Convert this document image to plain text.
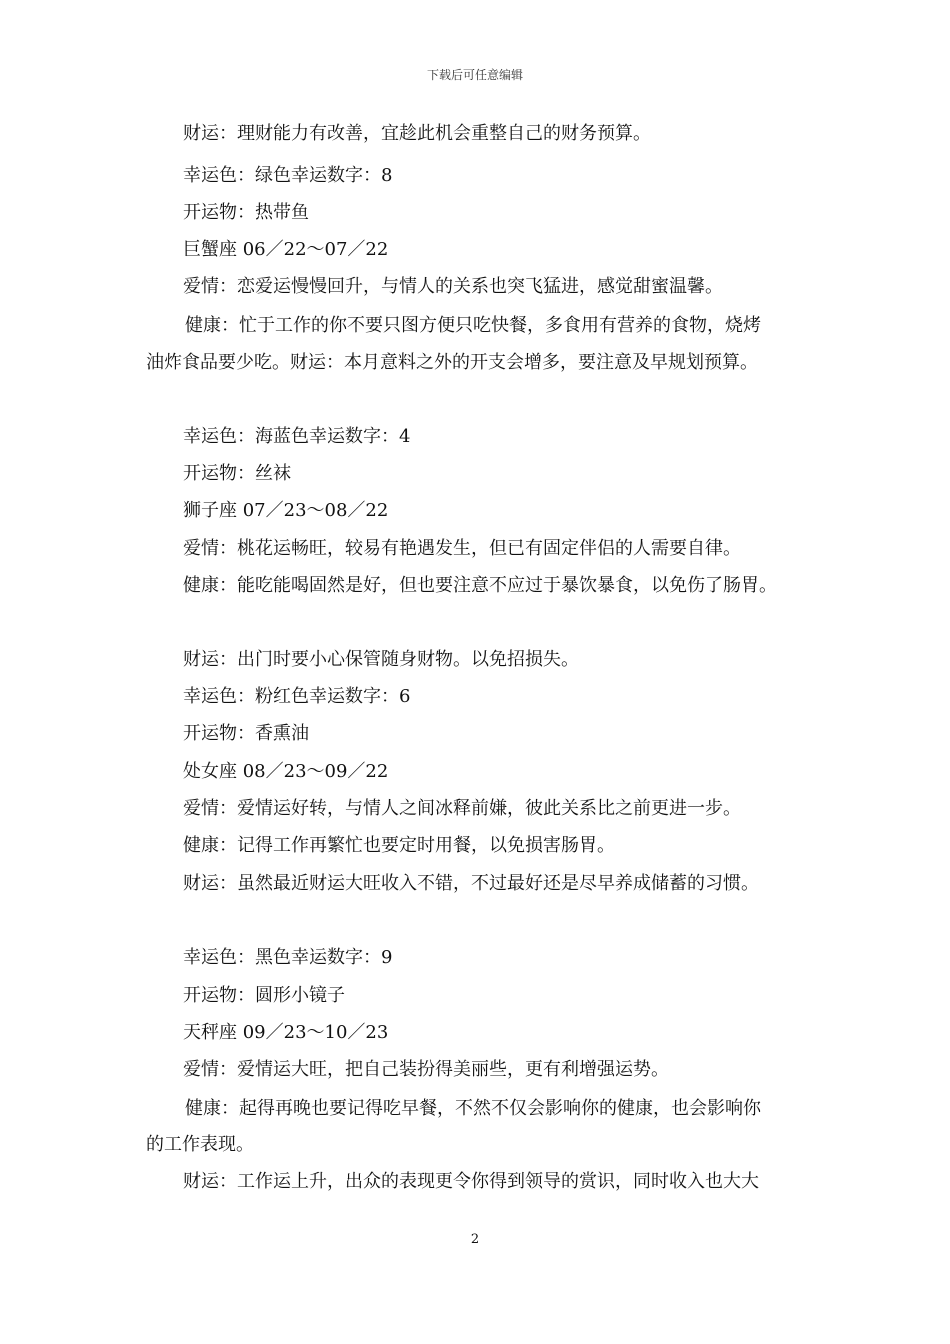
下载后可任意编辑
财运：理财能力有改善，宜趁此机会重整自己的财务预算。
幸运色：绿色幸运数字：8
开运物：热带鱼
巨蟹座 06／22～07／22
爱情：恋爱运慢慢回升，与情人的关系也突飞猛进，感觉甜蜜温馨。
健康：忙于工作的你不要只图方便只吃快餐，多食用有营养的食物，烧烤
油炸食品要少吃。财运：本月意料之外的开支会增多，要注意及早规划预算。
幸运色：海蓝色幸运数字：4
开运物：丝袜
狮子座 07／23～08／22
爱情：桃花运畅旺，较易有艳遇发生，但已有固定伴侣的人需要自律。
健康：能吃能喝固然是好，但也要注意不应过于暴饮暴食，以免伤了肠胃。
财运：出门时要小心保管随身财物。以免招损失。
幸运色：粉红色幸运数字：6
开运物：香熏油
处女座 08／23～09／22
爱情：爱情运好转，与情人之间冰释前嫌，彼此关系比之前更进一步。
健康：记得工作再繁忙也要定时用餐，以免损害肠胃。
财运：虽然最近财运大旺收入不错，不过最好还是尽早养成储蓄的习惯。
幸运色：黑色幸运数字：9
开运物：圆形小镜子
天秤座 09／23～10／23
爱情：爱情运大旺，把自己装扮得美丽些，更有利增强运势。
健康：起得再晚也要记得吃早餐，不然不仅会影响你的健康，也会影响你
的工作表现。
财运：工作运上升，出众的表现更令你得到领导的赏识，同时收入也大大
2
